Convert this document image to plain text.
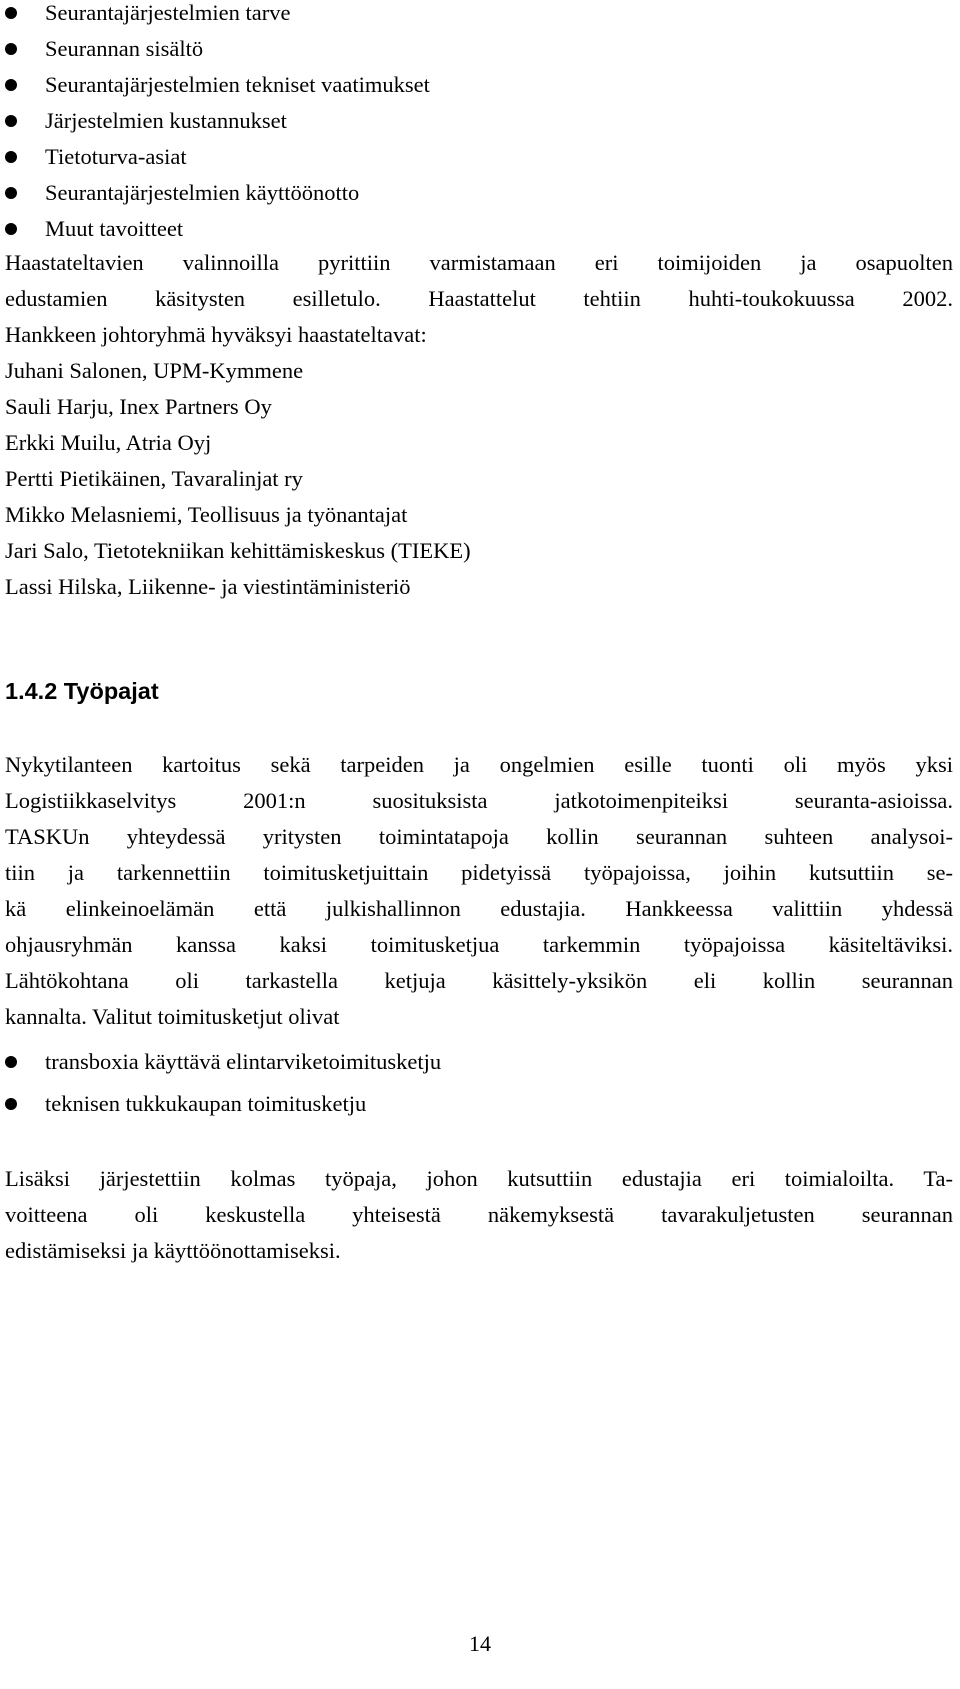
Seurantajärjestelmien tarve
Seurannan sisältö
Seurantajärjestelmien tekniset vaatimukset
Järjestelmien kustannukset
Tietoturva-asiat
Seurantajärjestelmien käyttöönotto
Muut tavoitteet
Haastateltavien valinnoilla pyrittiin varmistamaan eri toimijoiden ja osapuolten
edustamien käsitysten esilletulo. Haastattelut tehtiin huhti-toukokuussa 2002.
Hankkeen johtoryhmä hyväksyi haastateltavat:
Juhani Salonen, UPM-Kymmene
Sauli Harju, Inex Partners Oy
Erkki Muilu, Atria Oyj
Pertti Pietikäinen, Tavaralinjat ry
Mikko Melasniemi, Teollisuus ja työnantajat
Jari Salo, Tietotekniikan kehittämiskeskus (TIEKE)
Lassi Hilska, Liikenne- ja viestintäministeriö
1.4.2 Työpajat
Nykytilanteen kartoitus sekä tarpeiden ja ongelmien esille tuonti oli myös yksi
Logistiikkaselvitys 2001:n suosituksista jatkotoimenpiteiksi seuranta-asioissa.
TASKUn yhteydessä yritysten toimintatapoja kollin seurannan suhteen analysoi-
tiin ja tarkennettiin toimitusketjuittain pidetyissä työpajoissa, joihin kutsuttiin se-
kä elinkeinoelämän että julkishallinnon edustajia. Hankkeessa valittiin yhdessä
ohjausryhmän kanssa kaksi toimitusketjua tarkemmin työpajoissa käsiteltäviksi.
Lähtökohtana oli tarkastella ketjuja käsittely-yksikön eli kollin seurannan
kannalta. Valitut toimitusketjut olivat
transboxia käyttävä elintarviketoimitusketju
teknisen tukkukaupan toimitusketju
Lisäksi järjestettiin kolmas työpaja, johon kutsuttiin edustajia eri toimialoilta. Ta-
voitteena oli keskustella yhteisestä näkemyksestä tavarakuljetusten seurannan
edistämiseksi ja käyttöönottamiseksi.
14
